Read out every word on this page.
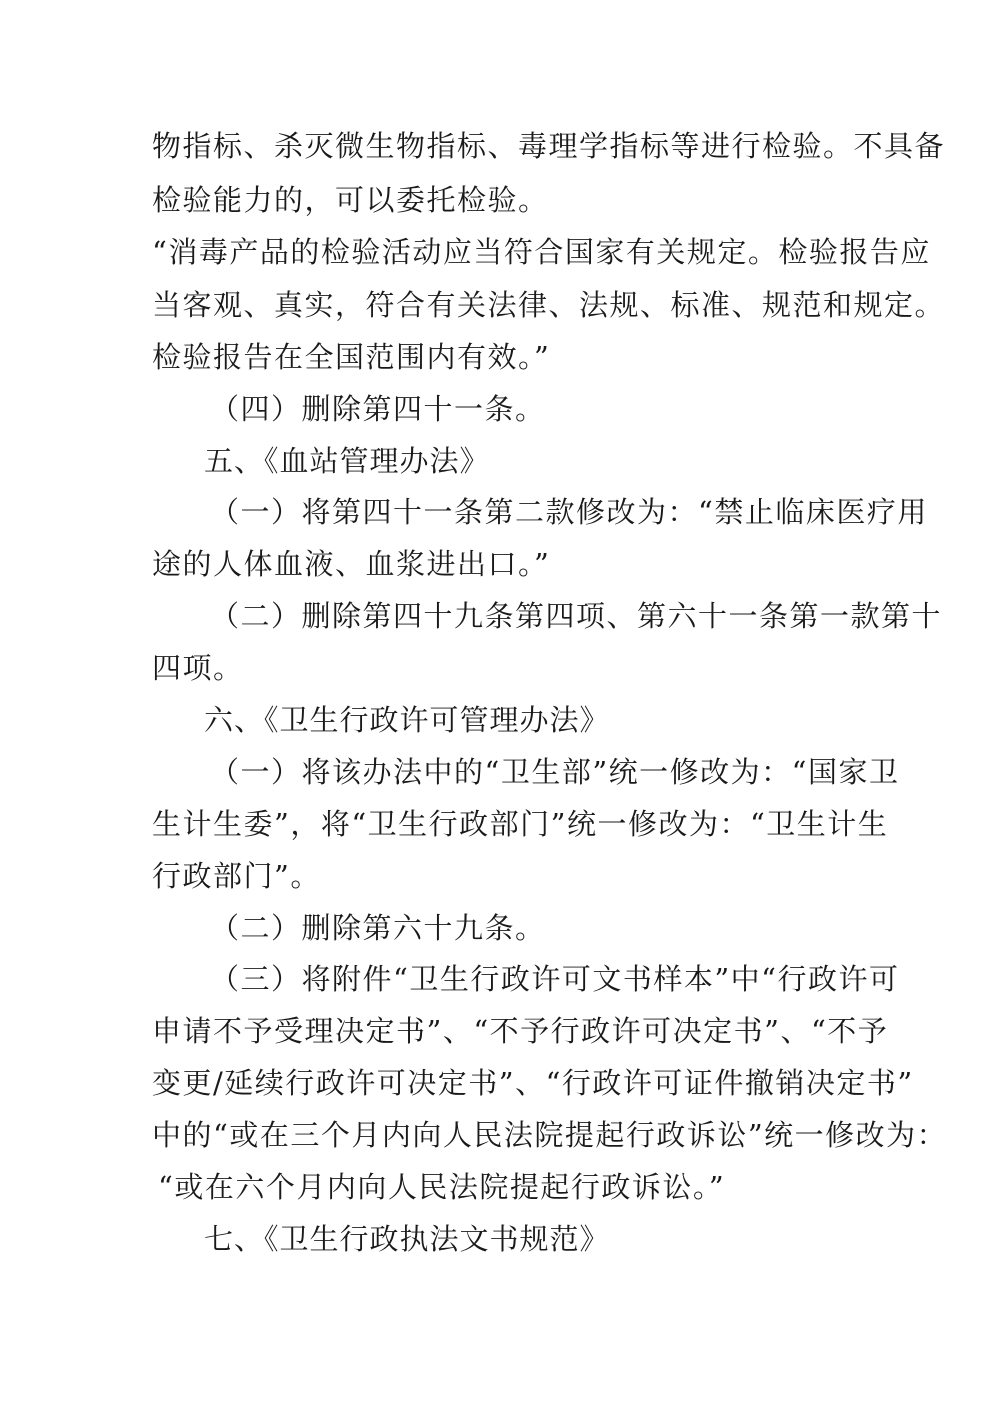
物指标、杀灭微生物指标、毒理学指标等进行检验。不具备
检验能力的，可以委托检验。
“消毒产品的检验活动应当符合国家有关规定。检验报告应
当客观、真实，符合有关法律、法规、标准、规范和规定。
检验报告在全国范围内有效。”
（四）删除第四十一条。
五、《血站管理办法》
（一）将第四十一条第二款修改为：“禁止临床医疗用
途的人体血液、血浆进出口。”
（二）删除第四十九条第四项、第六十一条第一款第十
四项。
六、《卫生行政许可管理办法》
（一）将该办法中的“卫生部”统一修改为：“国家卫
生计生委”，将“卫生行政部门”统一修改为：“卫生计生
行政部门”。
（二）删除第六十九条。
（三）将附件“卫生行政许可文书样本”中“行政许可
申请不予受理决定书”、“不予行政许可决定书”、“不予
变更/延续行政许可决定书”、“行政许可证件撤销决定书”
中的“或在三个月内向人民法院提起行政诉讼”统一修改为：
“或在六个月内向人民法院提起行政诉讼。”
七、《卫生行政执法文书规范》
